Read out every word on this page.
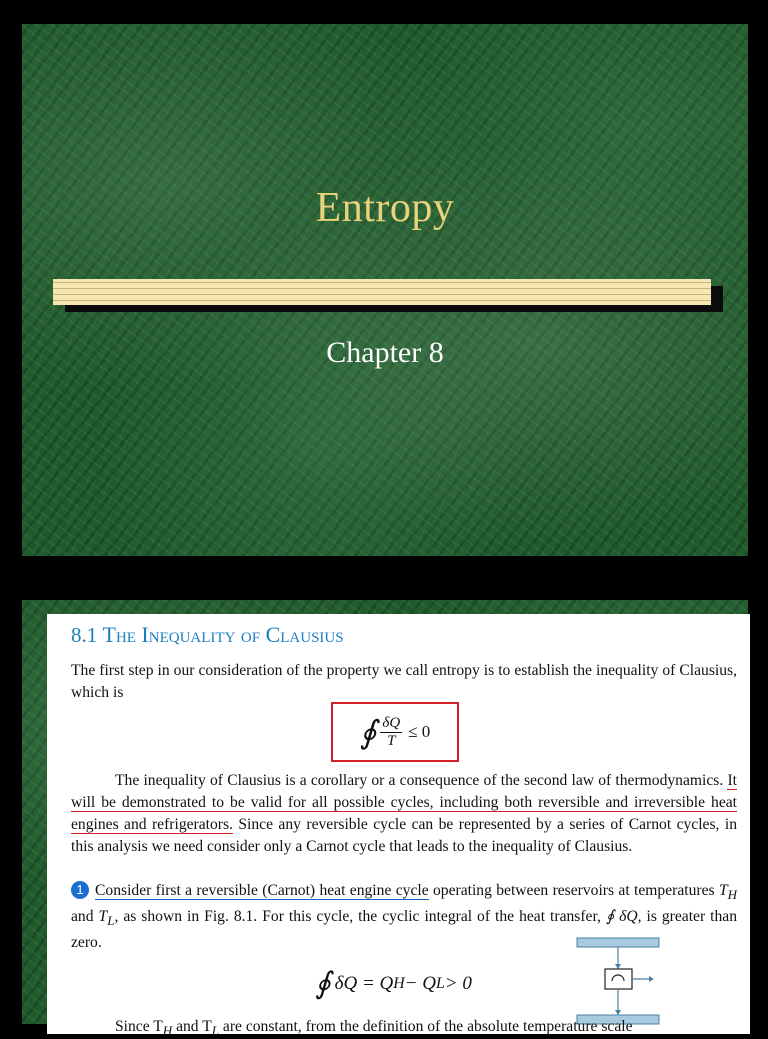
Entropy
Chapter 8
8.1 The Inequality of Clausius

The first step in our consideration of the property we call entropy is to establish the inequality of Clausius, which is

∮ $\frac{\delta Q}{T} \le 0$

The inequality of Clausius is a corollary or a consequence of the second law of thermodynamics. It will be demonstrated to be valid for all possible cycles, including both reversible and irreversible heat engines and refrigerators. Since any reversible cycle can be represented by a series of Carnot cycles, in this analysis we need consider only a Carnot cycle that leads to the inequality of Clausius.

1 Consider first a reversible (Carnot) heat engine cycle operating between reservoirs at temperatures $T_H$ and $T_L$, as shown in Fig. 8.1. For this cycle, the cyclic integral of the heat transfer, ∮ δQ, is greater than zero.

∮ δQ = Q H − Q L > 0
Since $T_H$ and $T_L$ are constant, from the definition of the absolute temperature scale
